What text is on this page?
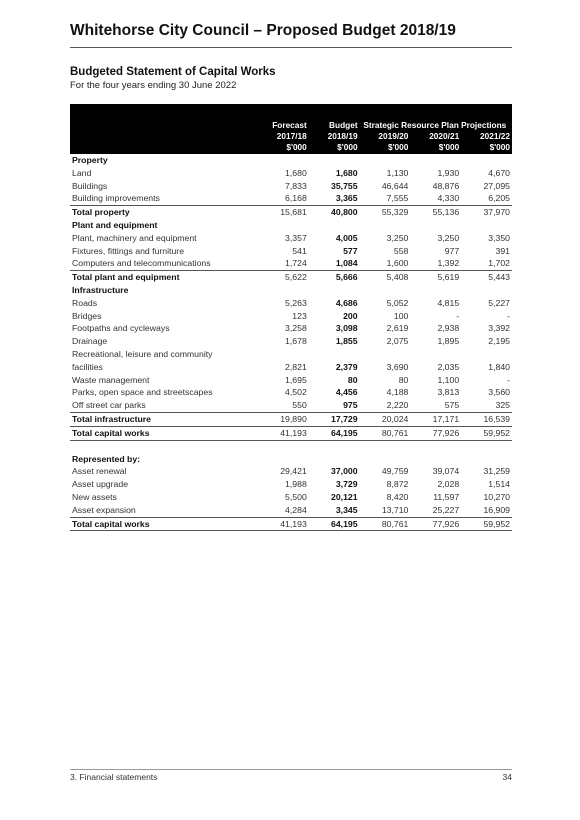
Whitehorse City Council – Proposed Budget 2018/19
Budgeted Statement of Capital Works
For the four years ending 30 June 2022

	Forecast	Budget	Strategic Resource Plan Projections		
	2017/18	2018/19	2019/20	2020/21	2021/22
	$'000	$'000	$'000	$'000	$'000
Property					
Land	1,680	1,680	1,130	1,930	4,670
Buildings	7,833	35,755	46,644	48,876	27,095
Building improvements	6,168	3,365	7,555	4,330	6,205
Total property	15,681	40,800	55,329	55,136	37,970
Plant and equipment					
Plant, machinery and equipment	3,357	4,005	3,250	3,250	3,350
Fixtures, fittings and furniture	541	577	558	977	391
Computers and telecommunications	1,724	1,084	1,600	1,392	1,702
Total plant and equipment	5,622	5,666	5,408	5,619	5,443
Infrastructure					
Roads	5,263	4,686	5,052	4,815	5,227
Bridges	123	200	100	-	-
Footpaths and cycleways	3,258	3,098	2,619	2,938	3,392
Drainage	1,678	1,855	2,075	1,895	2,195
Recreational, leisure and community					
facilities	2,821	2,379	3,690	2,035	1,840
Waste management	1,695	80	80	1,100	-
Parks, open space and streetscapes	4,502	4,456	4,188	3,813	3,560
Off street car parks	550	975	2,220	575	325
Total infrastructure	19,890	17,729	20,024	17,171	16,539
Total capital works	41,193	64,195	80,761	77,926	59,952

Represented by:					
Asset renewal	29,421	37,000	49,759	39,074	31,259
Asset upgrade	1,988	3,729	8,872	2,028	1,514
New assets	5,500	20,121	8,420	11,597	10,270
Asset expansion	4,284	3,345	13,710	25,227	16,909
Total capital works	41,193	64,195	80,761	77,926	59,952
3. Financial statements	34
